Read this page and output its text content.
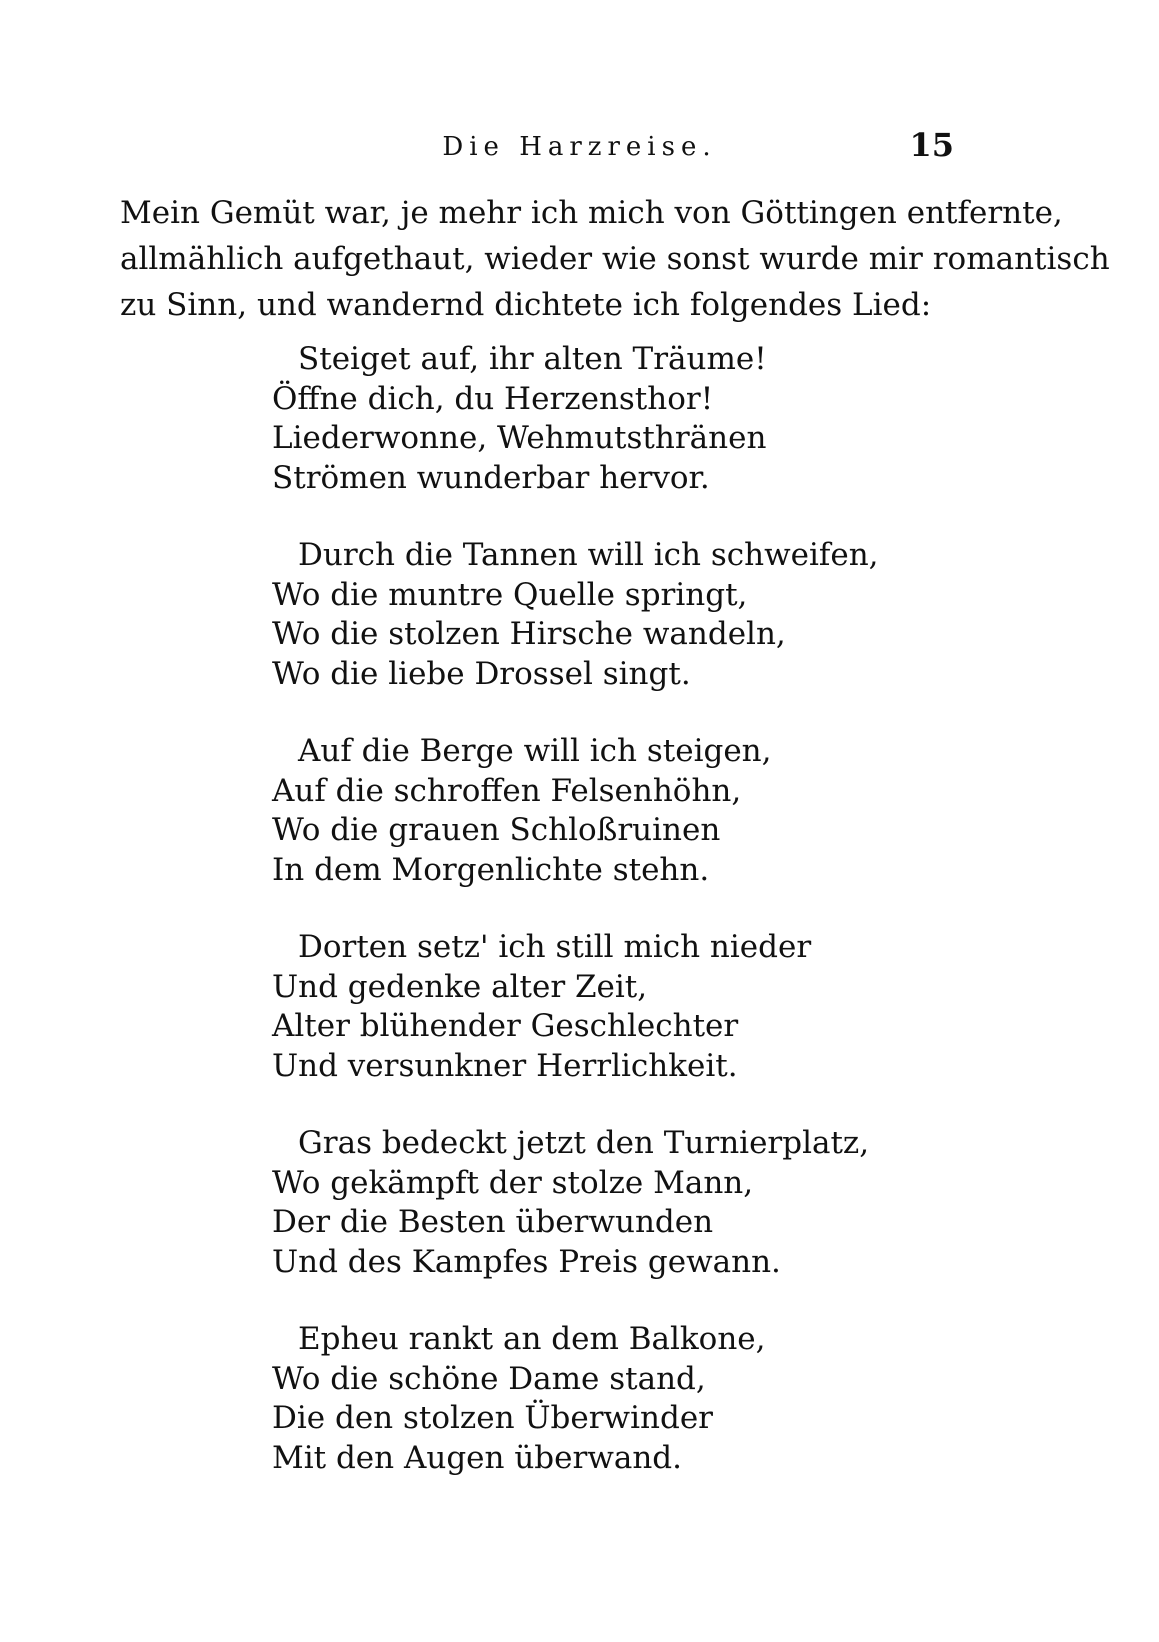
Die Harzreise.	15
Mein Gemüt war, je mehr ich mich von Göttingen entfernte,
allmählich aufgethaut, wieder wie sonst wurde mir romantisch
zu Sinn, und wandernd dichtete ich folgendes Lied:
Steiget auf, ihr alten Träume!
Öffne dich, du Herzensthor!
Liederwonne, Wehmutsthränen
Strömen wunderbar hervor.
Durch die Tannen will ich schweifen,
Wo die muntre Quelle springt,
Wo die stolzen Hirsche wandeln,
Wo die liebe Drossel singt.
Auf die Berge will ich steigen,
Auf die schroffen Felsenhöhn,
Wo die grauen Schloßruinen
In dem Morgenlichte stehn.
Dorten setz' ich still mich nieder
Und gedenke alter Zeit,
Alter blühender Geschlechter
Und versunkner Herrlichkeit.
Gras bedeckt jetzt den Turnierplatz,
Wo gekämpft der stolze Mann,
Der die Besten überwunden
Und des Kampfes Preis gewann.
Epheu rankt an dem Balkone,
Wo die schöne Dame stand,
Die den stolzen Überwinder
Mit den Augen überwand.
